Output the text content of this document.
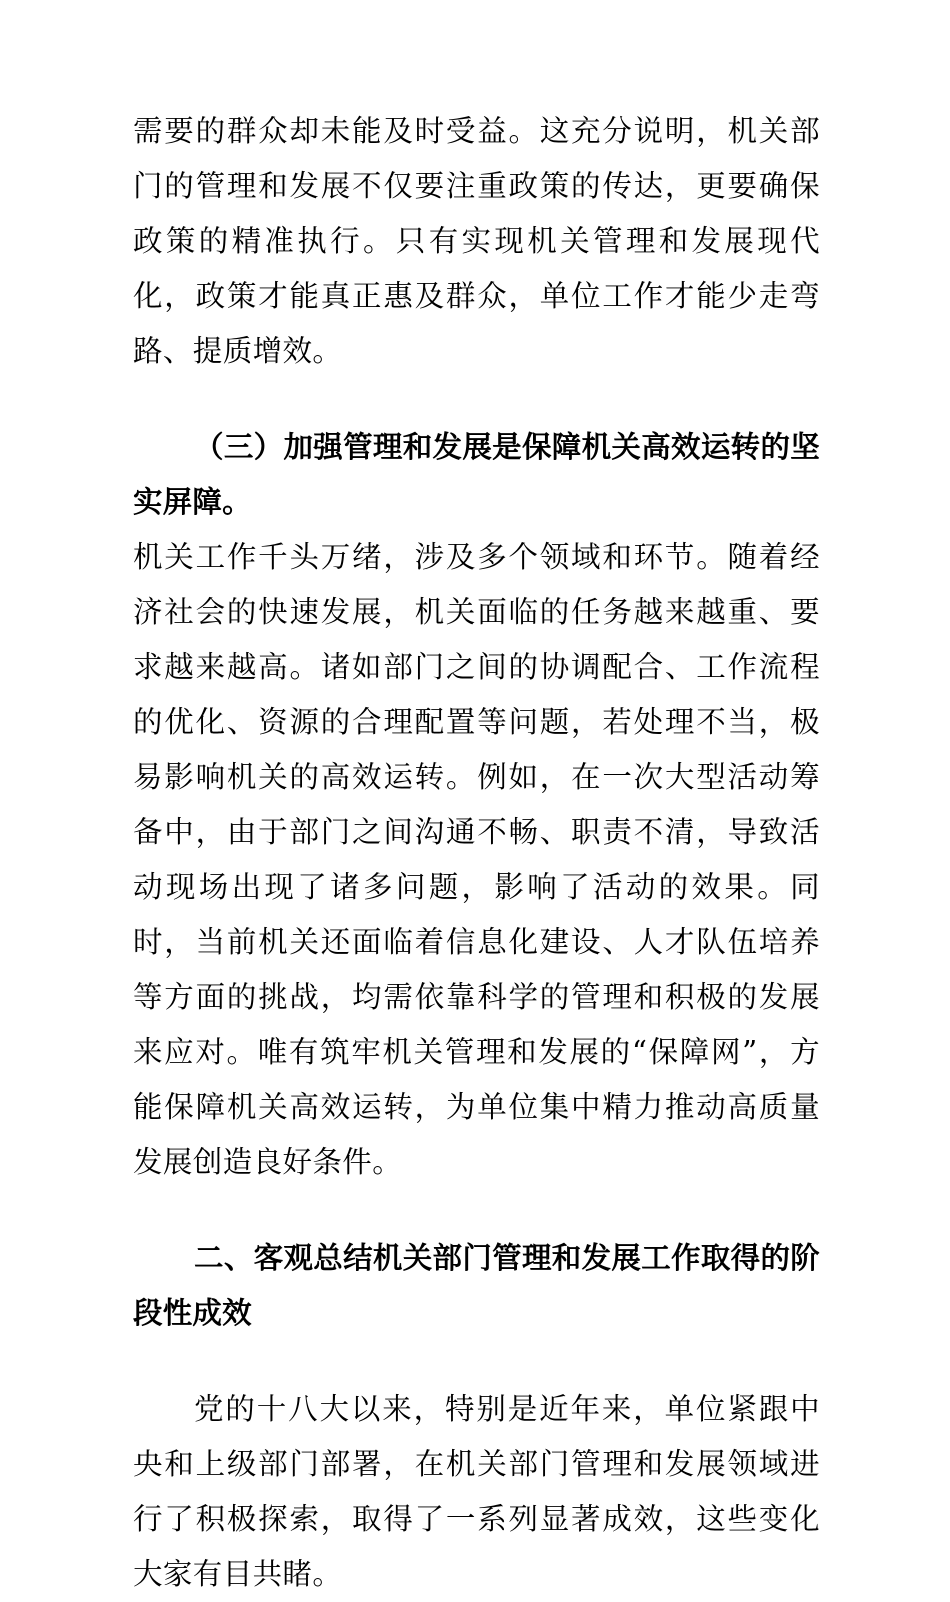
需要的群众却未能及时受益。这充分说明，机关部门的管理和发展不仅要注重政策的传达，更要确保政策的精准执行。只有实现机关管理和发展现代化，政策才能真正惠及群众，单位工作才能少走弯路、提质增效。

（三）加强管理和发展是保障机关高效运转的坚实屏障。

机关工作千头万绪，涉及多个领域和环节。随着经济社会的快速发展，机关面临的任务越来越重、要求越来越高。诸如部门之间的协调配合、工作流程的优化、资源的合理配置等问题，若处理不当，极易影响机关的高效运转。例如，在一次大型活动筹备中，由于部门之间沟通不畅、职责不清，导致活动现场出现了诸多问题，影响了活动的效果。同时，当前机关还面临着信息化建设、人才队伍培养等方面的挑战，均需依靠科学的管理和积极的发展来应对。唯有筑牢机关管理和发展的“保障网”，方能保障机关高效运转，为单位集中精力推动高质量发展创造良好条件。

二、客观总结机关部门管理和发展工作取得的阶段性成效

党的十八大以来，特别是近年来，单位紧跟中央和上级部门部署，在机关部门管理和发展领域进行了积极探索，取得了一系列显著成效，这些变化大家有目共睹。
